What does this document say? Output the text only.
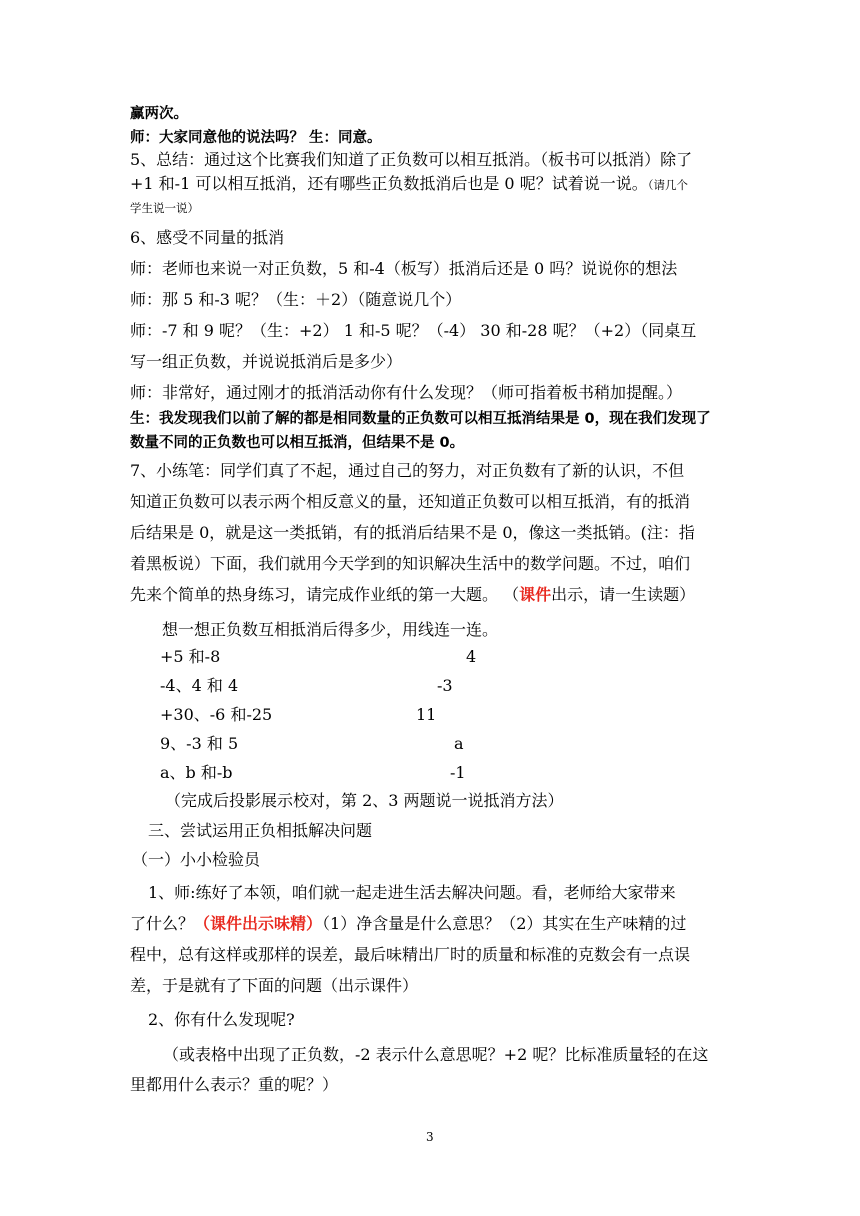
赢两次。
师：大家同意他的说法吗？ 生：同意。
5、总结：通过这个比赛我们知道了正负数可以相互抵消。（板书可以抵消）除了
+1 和-1 可以相互抵消，还有哪些正负数抵消后也是 0 呢？试着说一说。（请几个
学生说一说）
6、感受不同量的抵消
师：老师也来说一对正负数，5 和-4（板写）抵消后还是 0 吗？说说你的想法
师：那 5 和-3 呢？（生：＋2）（随意说几个）
师：-7 和 9 呢？（生：+2） 1 和-5 呢？（-4） 30 和-28 呢？（+2）（同桌互
写一组正负数，并说说抵消后是多少）
师：非常好，通过刚才的抵消活动你有什么发现？（师可指着板书稍加提醒。）
生：我发现我们以前了解的都是相同数量的正负数可以相互抵消结果是 0，现在我们发现了
数量不同的正负数也可以相互抵消，但结果不是 0。
7、小练笔：同学们真了不起，通过自己的努力，对正负数有了新的认识，不但
知道正负数可以表示两个相反意义的量，还知道正负数可以相互抵消，有的抵消
后结果是 0，就是这一类抵销，有的抵消后结果不是 0，像这一类抵销。(注：指
着黑板说）下面，我们就用今天学到的知识解决生活中的数学问题。不过，咱们
先来个简单的热身练习，请完成作业纸的第一大题。 （课件出示，请一生读题）
想一想正负数互相抵消后得多少，用线连一连。
+5 和-8	4
-4、4 和 4	-3
+30、-6 和-25	11
9、-3 和 5	a
a、b 和-b	-1
（完成后投影展示校对，第 2、3 两题说一说抵消方法）
三、尝试运用正负相抵解决问题
（一）小小检验员
1、师:练好了本领，咱们就一起走进生活去解决问题。看，老师给大家带来
了什么？（课件出示味精）（1）净含量是什么意思？（2）其实在生产味精的过
程中，总有这样或那样的误差，最后味精出厂时的质量和标准的克数会有一点误
差，于是就有了下面的问题（出示课件）
2、你有什么发现呢?
（或表格中出现了正负数，-2 表示什么意思呢？+2 呢？比标准质量轻的在这
里都用什么表示？重的呢？）
3
